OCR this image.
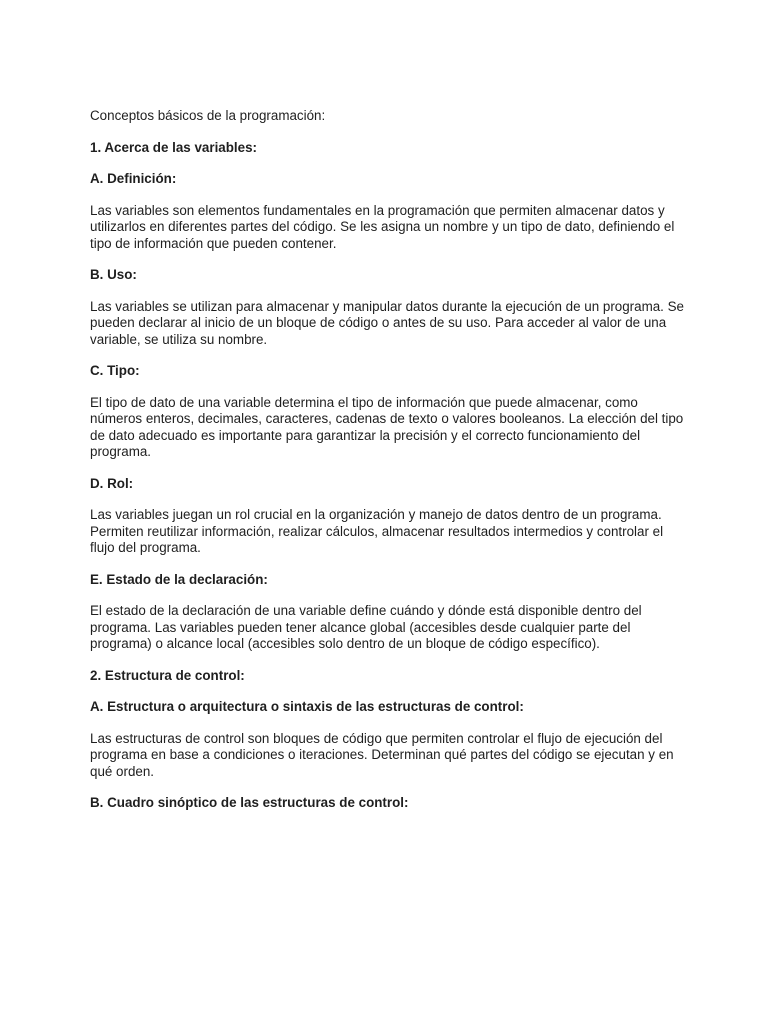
Conceptos básicos de la programación:

1. Acerca de las variables:

A. Definición:

Las variables son elementos fundamentales en la programación que permiten almacenar datos y utilizarlos en diferentes partes del código. Se les asigna un nombre y un tipo de dato, definiendo el tipo de información que pueden contener.

B. Uso:

Las variables se utilizan para almacenar y manipular datos durante la ejecución de un programa. Se pueden declarar al inicio de un bloque de código o antes de su uso. Para acceder al valor de una variable, se utiliza su nombre.

C. Tipo:

El tipo de dato de una variable determina el tipo de información que puede almacenar, como números enteros, decimales, caracteres, cadenas de texto o valores booleanos. La elección del tipo de dato adecuado es importante para garantizar la precisión y el correcto funcionamiento del programa.

D. Rol:

Las variables juegan un rol crucial en la organización y manejo de datos dentro de un programa. Permiten reutilizar información, realizar cálculos, almacenar resultados intermedios y controlar el flujo del programa.

E. Estado de la declaración:

El estado de la declaración de una variable define cuándo y dónde está disponible dentro del programa. Las variables pueden tener alcance global (accesibles desde cualquier parte del programa) o alcance local (accesibles solo dentro de un bloque de código específico).

2. Estructura de control:

A. Estructura o arquitectura o sintaxis de las estructuras de control:

Las estructuras de control son bloques de código que permiten controlar el flujo de ejecución del programa en base a condiciones o iteraciones. Determinan qué partes del código se ejecutan y en qué orden.

B. Cuadro sinóptico de las estructuras de control:
